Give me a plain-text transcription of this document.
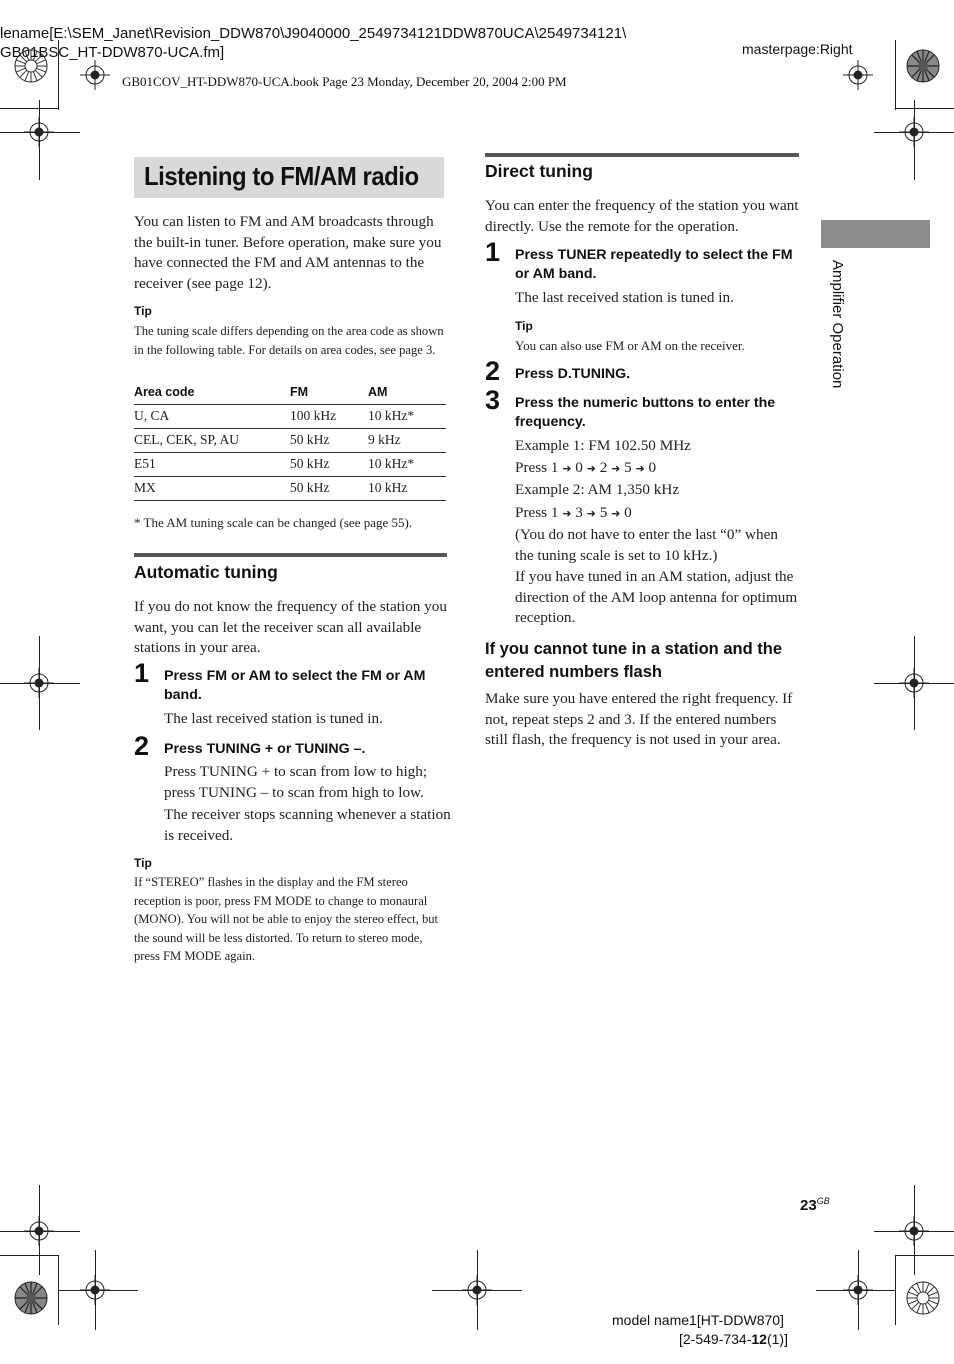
lename[E:\SEM_Janet\Revision_DDW870\J9040000_2549734121DDW870UCA\2549734121\
GB01BSC_HT-DDW870-UCA.fm]	masterpage:Right
GB01COV_HT-DDW870-UCA.book Page 23 Monday, December 20, 2004 2:00 PM
Listening to FM/AM radio
You can listen to FM and AM broadcasts through the built-in tuner. Before operation, make sure you have connected the FM and AM antennas to the receiver (see page 12).
Tip
The tuning scale differs depending on the area code as shown in the following table. For details on area codes, see page 3.
Area code	FM	AM
U, CA	100 kHz	10 kHz*
CEL, CEK, SP, AU	50 kHz	9 kHz
E51	50 kHz	10 kHz*
MX	50 kHz	10 kHz
* The AM tuning scale can be changed (see page 55).
Automatic tuning
If you do not know the frequency of the station you want, you can let the receiver scan all available stations in your area.
1 Press FM or AM to select the FM or AM band.
The last received station is tuned in.
2 Press TUNING + or TUNING –.
Press TUNING + to scan from low to high; press TUNING – to scan from high to low.
The receiver stops scanning whenever a station is received.
Tip
If “STEREO” flashes in the display and the FM stereo reception is poor, press FM MODE to change to monaural (MONO). You will not be able to enjoy the stereo effect, but the sound will be less distorted. To return to stereo mode, press FM MODE again.
Direct tuning
You can enter the frequency of the station you want directly. Use the remote for the operation.
1 Press TUNER repeatedly to select the FM or AM band.
The last received station is tuned in.
Tip
You can also use FM or AM on the receiver.
2 Press D.TUNING.
3 Press the numeric buttons to enter the frequency.
Example 1: FM 102.50 MHz
Press 1 ➜ 0 ➜ 2 ➜ 5 ➜ 0
Example 2: AM 1,350 kHz
Press 1 ➜ 3 ➜ 5 ➜ 0
(You do not have to enter the last “0” when the tuning scale is set to 10 kHz.)
If you have tuned in an AM station, adjust the direction of the AM loop antenna for optimum reception.
If you cannot tune in a station and the entered numbers flash
Make sure you have entered the right frequency. If not, repeat steps 2 and 3. If the entered numbers still flash, the frequency is not used in your area.
Amplifier Operation
$23^{GB}$
model name1[HT-DDW870]
[2-549-734-12(1)]
